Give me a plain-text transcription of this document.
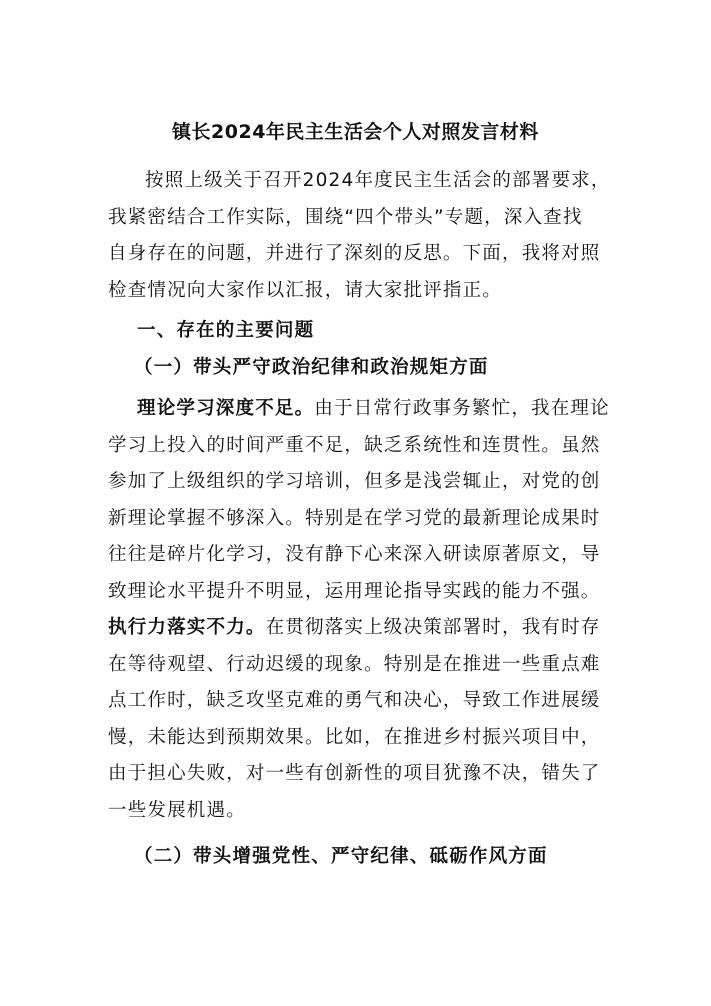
镇长2024年民主生活会个人对照发言材料
按照上级关于召开2024年度民主生活会的部署要求，
我紧密结合工作实际，围绕“四个带头”专题，深入查找
自身存在的问题，并进行了深刻的反思。下面，我将对照
检查情况向大家作以汇报，请大家批评指正。
一、存在的主要问题
（一）带头严守政治纪律和政治规矩方面
理论学习深度不足。由于日常行政事务繁忙，我在理论
学习上投入的时间严重不足，缺乏系统性和连贯性。虽然
参加了上级组织的学习培训，但多是浅尝辄止，对党的创
新理论掌握不够深入。特别是在学习党的最新理论成果时
往往是碎片化学习，没有静下心来深入研读原著原文，导
致理论水平提升不明显，运用理论指导实践的能力不强。
执行力落实不力。在贯彻落实上级决策部署时，我有时存
在等待观望、行动迟缓的现象。特别是在推进一些重点难
点工作时，缺乏攻坚克难的勇气和决心，导致工作进展缓
慢，未能达到预期效果。比如，在推进乡村振兴项目中，
由于担心失败，对一些有创新性的项目犹豫不决，错失了
一些发展机遇。
（二）带头增强党性、严守纪律、砥砺作风方面
